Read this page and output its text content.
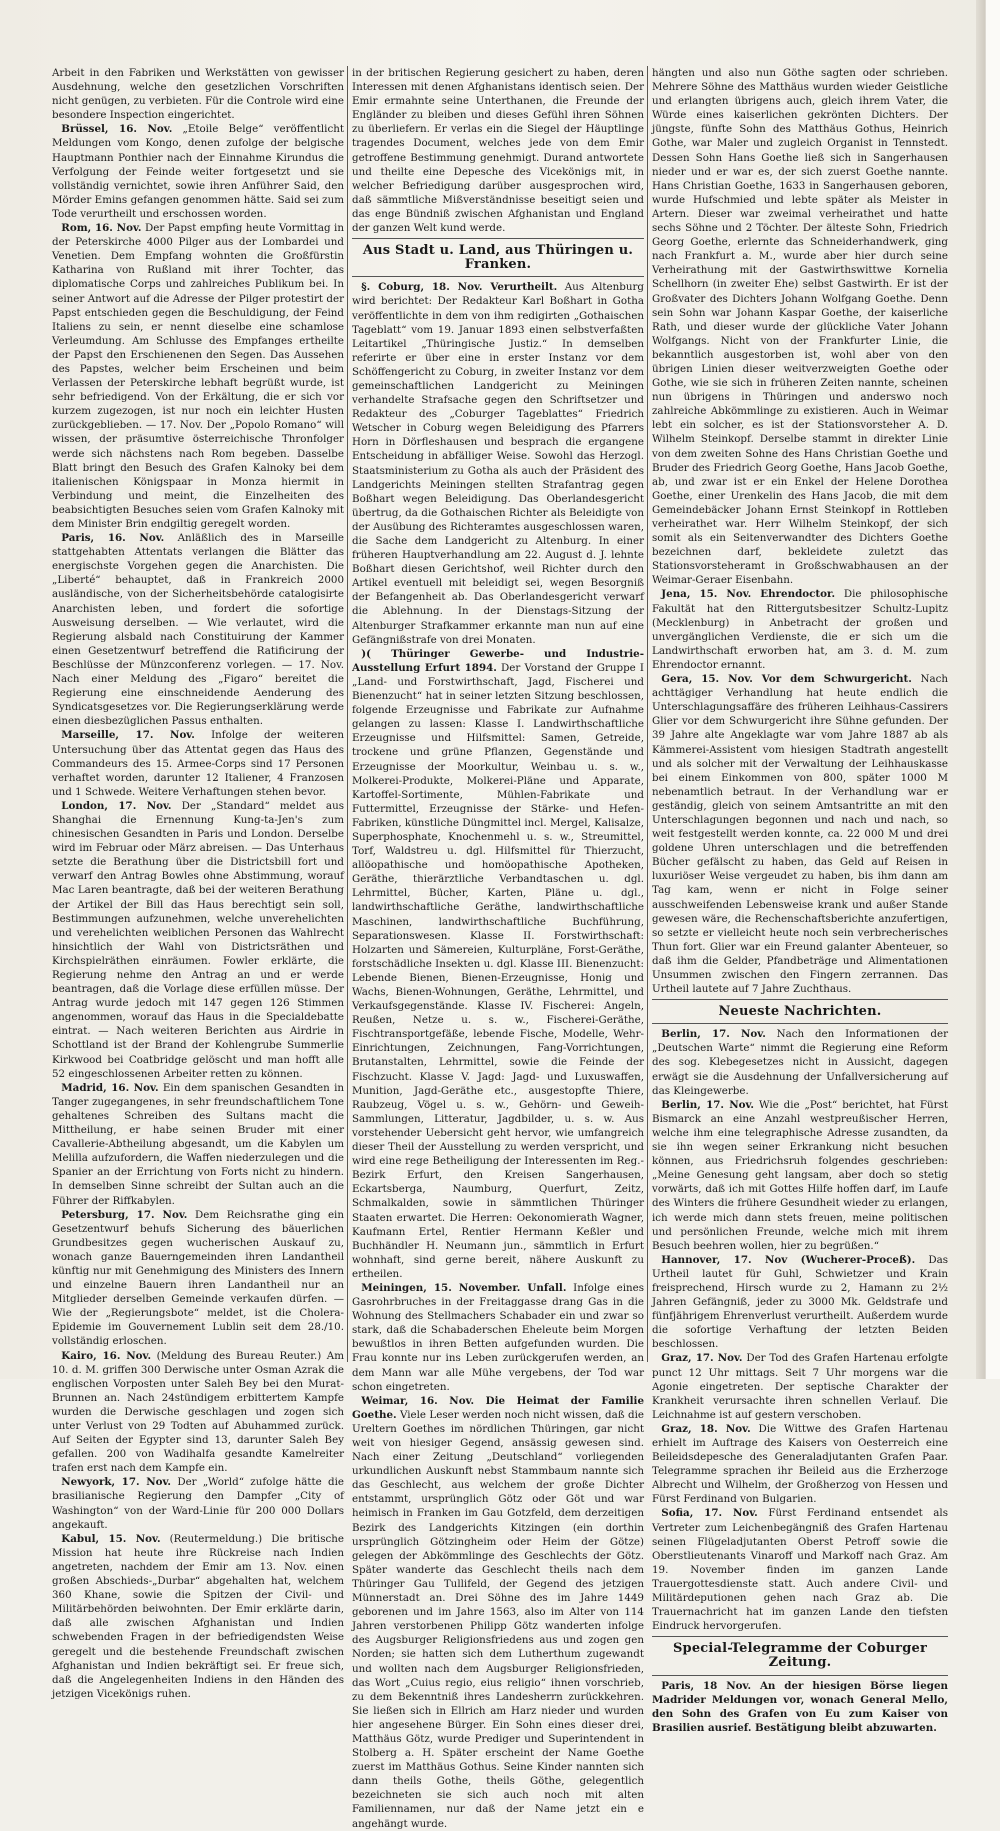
Arbeit in den Fabriken und Werkstätten von gewisser Ausdehnung, welche den gesetzlichen Vorschriften nicht genügen, zu verbieten. Für die Controle wird eine besondere Inspection eingerichtet.

Brüssel, 16. Nov. „Etoile Belge“ veröffentlicht Meldungen vom Kongo, denen zufolge der belgische Hauptmann Ponthier nach der Einnahme Kirundus die Verfolgung der Feinde weiter fortgesetzt und sie vollständig vernichtet, sowie ihren Anführer Said, den Mörder Emins gefangen genommen hätte. Said sei zum Tode verurtheilt und erschossen worden.

Rom, 16. Nov. Der Papst empfing heute Vormittag in der Peterskirche 4000 Pilger aus der Lombardei und Venetien. Dem Empfang wohnten die Großfürstin Katharina von Rußland mit ihrer Tochter, das diplomatische Corps und zahlreiches Publikum bei. In seiner Antwort auf die Adresse der Pilger protestirt der Papst entschieden gegen die Beschuldigung, der Feind Italiens zu sein, er nennt dieselbe eine schamlose Verleumdung. Am Schlusse des Empfanges ertheilte der Papst den Erschienenen den Segen. Das Aussehen des Papstes, welcher beim Erscheinen und beim Verlassen der Peterskirche lebhaft begrüßt wurde, ist sehr befriedigend. Von der Erkältung, die er sich vor kurzem zugezogen, ist nur noch ein leichter Husten zurückgeblieben. — 17. Nov. Der „Popolo Romano“ will wissen, der präsumtive österreichische Thronfolger werde sich nächstens nach Rom begeben. Dasselbe Blatt bringt den Besuch des Grafen Kalnoky bei dem italienischen Königspaar in Monza hiermit in Verbindung und meint, die Einzelheiten des beabsichtigten Besuches seien vom Grafen Kalnoky mit dem Minister Brin endgiltig geregelt worden.

Paris, 16. Nov. Anläßlich des in Marseille stattgehabten Attentats verlangen die Blätter das energischste Vorgehen gegen die Anarchisten. Die „Liberté“ behauptet, daß in Frankreich 2000 ausländische, von der Sicherheitsbehörde catalogisirte Anarchisten leben, und fordert die sofortige Ausweisung derselben. — Wie verlautet, wird die Regierung alsbald nach Constituirung der Kammer einen Gesetzentwurf betreffend die Ratificirung der Beschlüsse der Münzconferenz vorlegen. — 17. Nov. Nach einer Meldung des „Figaro“ bereitet die Regierung eine einschneidende Aenderung des Syndicatsgesetzes vor. Die Regierungserklärung werde einen diesbezüglichen Passus enthalten.

Marseille, 17. Nov. Infolge der weiteren Untersuchung über das Attentat gegen das Haus des Commandeurs des 15. Armee-Corps sind 17 Personen verhaftet worden, darunter 12 Italiener, 4 Franzosen und 1 Schwede. Weitere Verhaftungen stehen bevor.

London, 17. Nov. Der „Standard“ meldet aus Shanghai die Ernennung Kung-ta-Jen's zum chinesischen Gesandten in Paris und London. Derselbe wird im Februar oder März abreisen. — Das Unterhaus setzte die Berathung über die Districtsbill fort und verwarf den Antrag Bowles ohne Abstimmung, worauf Mac Laren beantragte, daß bei der weiteren Berathung der Artikel der Bill das Haus berechtigt sein soll, Bestimmungen aufzunehmen, welche unverehelichten und verehelichten weiblichen Personen das Wahlrecht hinsichtlich der Wahl von Districtsräthen und Kirchspielräthen einräumen. Fowler erklärte, die Regierung nehme den Antrag an und er werde beantragen, daß die Vorlage diese erfüllen müsse. Der Antrag wurde jedoch mit 147 gegen 126 Stimmen angenommen, worauf das Haus in die Specialdebatte eintrat. — Nach weiteren Berichten aus Airdrie in Schottland ist der Brand der Kohlengrube Summerlie Kirkwood bei Coatbridge gelöscht und man hofft alle 52 eingeschlossenen Arbeiter retten zu können.

Madrid, 16. Nov. Ein dem spanischen Gesandten in Tanger zugegangenes, in sehr freundschaftlichem Tone gehaltenes Schreiben des Sultans macht die Mittheilung, er habe seinen Bruder mit einer Cavallerie-Abtheilung abgesandt, um die Kabylen um Melilla aufzufordern, die Waffen niederzulegen und die Spanier an der Errichtung von Forts nicht zu hindern. In demselben Sinne schreibt der Sultan auch an die Führer der Riffkabylen.

Petersburg, 17. Nov. Dem Reichsrathe ging ein Gesetzentwurf behufs Sicherung des bäuerlichen Grundbesitzes gegen wucherischen Auskauf zu, wonach ganze Bauerngemeinden ihren Landantheil künftig nur mit Genehmigung des Ministers des Innern und einzelne Bauern ihren Landantheil nur an Mitglieder derselben Gemeinde verkaufen dürfen. — Wie der „Regierungsbote“ meldet, ist die Cholera-Epidemie im Gouvernement Lublin seit dem 28./10. vollständig erloschen.

Kairo, 16. Nov. (Meldung des Bureau Reuter.) Am 10. d. M. griffen 300 Derwische unter Osman Azrak die englischen Vorposten unter Saleh Bey bei den Murat-Brunnen an. Nach 24stündigem erbittertem Kampfe wurden die Derwische geschlagen und zogen sich unter Verlust von 29 Todten auf Abuhammed zurück. Auf Seiten der Egypter sind 13, darunter Saleh Bey gefallen. 200 von Wadihalfa gesandte Kamelreiter trafen erst nach dem Kampfe ein.

Newyork, 17. Nov. Der „World“ zufolge hätte die brasilianische Regierung den Dampfer „City of Washington“ von der Ward-Linie für 200 000 Dollars angekauft.

Kabul, 15. Nov. (Reutermeldung.) Die britische Mission hat heute ihre Rückreise nach Indien angetreten, nachdem der Emir am 13. Nov. einen großen Abschieds-„Durbar“ abgehalten hat, welchem 360 Khane, sowie die Spitzen der Civil- und Militärbehörden beiwohnten. Der Emir erklärte darin, daß alle zwischen Afghanistan und Indien schwebenden Fragen in der befriedigendsten Weise geregelt und die bestehende Freundschaft zwischen Afghanistan und Indien bekräftigt sei. Er freue sich, daß die Angelegenheiten Indiens in den Händen des jetzigen Vicekönigs ruhen.

in der britischen Regierung gesichert zu haben, deren Interessen mit denen Afghanistans identisch seien. Der Emir ermahnte seine Unterthanen, die Freunde der Engländer zu bleiben und dieses Gefühl ihren Söhnen zu überliefern. Er verlas ein die Siegel der Häuptlinge tragendes Document, welches jede von dem Emir getroffene Bestimmung genehmigt. Durand antwortete und theilte eine Depesche des Vicekönigs mit, in welcher Befriedigung darüber ausgesprochen wird, daß sämmtliche Mißverständnisse beseitigt seien und das enge Bündniß zwischen Afghanistan und England der ganzen Welt kund werde.

Aus Stadt u. Land, aus Thüringen u. Franken.

§. Coburg, 18. Nov. Verurtheilt. Aus Altenburg wird berichtet: Der Redakteur Karl Boßhart in Gotha veröffentlichte in dem von ihm redigirten „Gothaischen Tageblatt“ vom 19. Januar 1893 einen selbstverfaßten Leitartikel „Thüringische Justiz.“ In demselben referirte er über eine in erster Instanz vor dem Schöffengericht zu Coburg, in zweiter Instanz vor dem gemeinschaftlichen Landgericht zu Meiningen verhandelte Strafsache gegen den Schriftsetzer und Redakteur des „Coburger Tageblattes“ Friedrich Wetscher in Coburg wegen Beleidigung des Pfarrers Horn in Dörfleshausen und besprach die ergangene Entscheidung in abfälliger Weise. Sowohl das Herzogl. Staatsministerium zu Gotha als auch der Präsident des Landgerichts Meiningen stellten Strafantrag gegen Boßhart wegen Beleidigung. Das Oberlandesgericht übertrug, da die Gothaischen Richter als Beleidigte von der Ausübung des Richteramtes ausgeschlossen waren, die Sache dem Landgericht zu Altenburg. In einer früheren Hauptverhandlung am 22. August d. J. lehnte Boßhart diesen Gerichtshof, weil Richter durch den Artikel eventuell mit beleidigt sei, wegen Besorgniß der Befangenheit ab. Das Oberlandesgericht verwarf die Ablehnung. In der Dienstags-Sitzung der Altenburger Strafkammer erkannte man nun auf eine Gefängnißstrafe von drei Monaten.

)( Thüringer Gewerbe- und Industrie-Ausstellung Erfurt 1894. Der Vorstand der Gruppe I „Land- und Forstwirthschaft, Jagd, Fischerei und Bienenzucht“ hat in seiner letzten Sitzung beschlossen, folgende Erzeugnisse und Fabrikate zur Aufnahme gelangen zu lassen: Klasse I. Landwirthschaftliche Erzeugnisse und Hilfsmittel: Samen, Getreide, trockene und grüne Pflanzen, Gegenstände und Erzeugnisse der Moorkultur, Weinbau u. s. w., Molkerei-Produkte, Molkerei-Pläne und Apparate, Kartoffel-Sortimente, Mühlen-Fabrikate und Futtermittel, Erzeugnisse der Stärke- und Hefen-Fabriken, künstliche Düngmittel incl. Mergel, Kalisalze, Superphosphate, Knochenmehl u. s. w., Streumittel, Torf, Waldstreu u. dgl. Hilfsmittel für Thierzucht, allöopathische und homöopathische Apotheken, Geräthe, thierärztliche Verbandtaschen u. dgl. Lehrmittel, Bücher, Karten, Pläne u. dgl., landwirthschaftliche Geräthe, landwirthschaftliche Maschinen, landwirthschaftliche Buchführung, Separationswesen. Klasse II. Forstwirthschaft: Holzarten und Sämereien, Kulturpläne, Forst-Geräthe, forstschädliche Insekten u. dgl. Klasse III. Bienenzucht: Lebende Bienen, Bienen-Erzeugnisse, Honig und Wachs, Bienen-Wohnungen, Geräthe, Lehrmittel, und Verkaufsgegenstände. Klasse IV. Fischerei: Angeln, Reußen, Netze u. s. w., Fischerei-Geräthe, Fischtransportgefäße, lebende Fische, Modelle, Wehr-Einrichtungen, Zeichnungen, Fang-Vorrichtungen, Brutanstalten, Lehrmittel, sowie die Feinde der Fischzucht. Klasse V. Jagd: Jagd- und Luxuswaffen, Munition, Jagd-Geräthe etc., ausgestopfte Thiere, Raubzeug, Vögel u. s. w., Gehörn- und Geweih-Sammlungen, Litteratur, Jagdbilder, u. s. w. Aus vorstehender Uebersicht geht hervor, wie umfangreich dieser Theil der Ausstellung zu werden verspricht, und wird eine rege Betheiligung der Interessenten im Reg.-Bezirk Erfurt, den Kreisen Sangerhausen, Eckartsberga, Naumburg, Querfurt, Zeitz, Schmalkalden, sowie in sämmtlichen Thüringer Staaten erwartet. Die Herren: Oekonomierath Wagner, Kaufmann Ertel, Rentier Hermann Keßler und Buchhändler H. Neumann jun., sämmtlich in Erfurt wohnhaft, sind gerne bereit, nähere Auskunft zu ertheilen.

Meiningen, 15. November. Unfall. Infolge eines Gasrohrbruches in der Freitaggasse drang Gas in die Wohnung des Stellmachers Schabader ein und zwar so stark, daß die Schabaderschen Eheleute beim Morgen bewußtlos in ihren Betten aufgefunden wurden. Die Frau konnte nur ins Leben zurückgerufen werden, an dem Mann war alle Mühe vergebens, der Tod war schon eingetreten.

Weimar, 16. Nov. Die Heimat der Familie Goethe. Viele Leser werden noch nicht wissen, daß die Ureltern Goethes im nördlichen Thüringen, gar nicht weit von hiesiger Gegend, ansässig gewesen sind. Nach einer Zeitung „Deutschland“ vorliegenden urkundlichen Auskunft nebst Stammbaum nannte sich das Geschlecht, aus welchem der große Dichter entstammt, ursprünglich Götz oder Göt und war heimisch in Franken im Gau Gotzfeld, dem derzeitigen Bezirk des Landgerichts Kitzingen (ein dorthin ursprünglich Götzingheim oder Heim der Götze) gelegen der Abkömmlinge des Geschlechts der Götz. Später wanderte das Geschlecht theils nach dem Thüringer Gau Tullifeld, der Gegend des jetzigen Münnerstadt an. Drei Söhne des im Jahre 1449 geborenen und im Jahre 1563, also im Alter von 114 Jahren verstorbenen Philipp Götz wanderten infolge des Augsburger Religionsfriedens aus und zogen gen Norden; sie hatten sich dem Lutherthum zugewandt und wollten nach dem Augsburger Religionsfrieden, das Wort „Cuius regio, eius religio“ ihnen vorschrieb, zu dem Bekenntniß ihres Landesherrn zurückkehren. Sie ließen sich in Ellrich am Harz nieder und wurden hier angesehene Bürger. Ein Sohn eines dieser drei, Matthäus Götz, wurde Prediger und Superintendent in Stolberg a. H. Später erscheint der Name Goethe zuerst im Matthäus Gothus. Seine Kinder nannten sich dann theils Gothe, theils Göthe, gelegentlich bezeichneten sie sich auch noch mit alten Familiennamen, nur daß der Name jetzt ein e angehängt wurde.

hängten und also nun Göthe sagten oder schrieben. Mehrere Söhne des Matthäus wurden wieder Geistliche und erlangten übrigens auch, gleich ihrem Vater, die Würde eines kaiserlichen gekrönten Dichters. Der jüngste, fünfte Sohn des Matthäus Gothus, Heinrich Gothe, war Maler und zugleich Organist in Tennstedt. Dessen Sohn Hans Goethe ließ sich in Sangerhausen nieder und er war es, der sich zuerst Goethe nannte. Hans Christian Goethe, 1633 in Sangerhausen geboren, wurde Hufschmied und lebte später als Meister in Artern. Dieser war zweimal verheirathet und hatte sechs Söhne und 2 Töchter. Der älteste Sohn, Friedrich Georg Goethe, erlernte das Schneiderhandwerk, ging nach Frankfurt a. M., wurde aber hier durch seine Verheirathung mit der Gastwirthswittwe Kornelia Schellhorn (in zweiter Ehe) selbst Gastwirth. Er ist der Großvater des Dichters Johann Wolfgang Goethe. Denn sein Sohn war Johann Kaspar Goethe, der kaiserliche Rath, und dieser wurde der glückliche Vater Johann Wolfgangs. Nicht von der Frankfurter Linie, die bekanntlich ausgestorben ist, wohl aber von den übrigen Linien dieser weitverzweigten Goethe oder Gothe, wie sie sich in früheren Zeiten nannte, scheinen nun übrigens in Thüringen und anderswo noch zahlreiche Abkömmlinge zu existieren. Auch in Weimar lebt ein solcher, es ist der Stationsvorsteher A. D. Wilhelm Steinkopf. Derselbe stammt in direkter Linie von dem zweiten Sohne des Hans Christian Goethe und Bruder des Friedrich Georg Goethe, Hans Jacob Goethe, ab, und zwar ist er ein Enkel der Helene Dorothea Goethe, einer Urenkelin des Hans Jacob, die mit dem Gemeindebäcker Johann Ernst Steinkopf in Rottleben verheirathet war. Herr Wilhelm Steinkopf, der sich somit als ein Seitenverwandter des Dichters Goethe bezeichnen darf, bekleidete zuletzt das Stationsvorsteheramt in Großschwabhausen an der Weimar-Geraer Eisenbahn.

Jena, 15. Nov. Ehrendoctor. Die philosophische Fakultät hat den Rittergutsbesitzer Schultz-Lupitz (Mecklenburg) in Anbetracht der großen und unvergänglichen Verdienste, die er sich um die Landwirthschaft erworben hat, am 3. d. M. zum Ehrendoctor ernannt.

Gera, 15. Nov. Vor dem Schwurgericht. Nach achttägiger Verhandlung hat heute endlich die Unterschlagungsaffäre des früheren Leihhaus-Cassirers Glier vor dem Schwurgericht ihre Sühne gefunden. Der 39 Jahre alte Angeklagte war vom Jahre 1887 ab als Kämmerei-Assistent vom hiesigen Stadtrath angestellt und als solcher mit der Verwaltung der Leihhauskasse bei einem Einkommen von 800, später 1000 M nebenamtlich betraut. In der Verhandlung war er geständig, gleich von seinem Amtsantritte an mit den Unterschlagungen begonnen und nach und nach, so weit festgestellt werden konnte, ca. 22 000 M und drei goldene Uhren unterschlagen und die betreffenden Bücher gefälscht zu haben, das Geld auf Reisen in luxuriöser Weise vergeudet zu haben, bis ihm dann am Tag kam, wenn er nicht in Folge seiner ausschweifenden Lebensweise krank und außer Stande gewesen wäre, die Rechenschaftsberichte anzufertigen, so setzte er vielleicht heute noch sein verbrecherisches Thun fort. Glier war ein Freund galanter Abenteuer, so daß ihm die Gelder, Pfandbeträge und Alimentationen Unsummen zwischen den Fingern zerrannen. Das Urtheil lautete auf 7 Jahre Zuchthaus.

Neueste Nachrichten.

Berlin, 17. Nov. Nach den Informationen der „Deutschen Warte“ nimmt die Regierung eine Reform des sog. Klebegesetzes nicht in Aussicht, dagegen erwägt sie die Ausdehnung der Unfallversicherung auf das Kleingewerbe.

Berlin, 17. Nov. Wie die „Post“ berichtet, hat Fürst Bismarck an eine Anzahl westpreußischer Herren, welche ihm eine telegraphische Adresse zusandten, da sie ihn wegen seiner Erkrankung nicht besuchen können, aus Friedrichsruh folgendes geschrieben: „Meine Genesung geht langsam, aber doch so stetig vorwärts, daß ich mit Gottes Hilfe hoffen darf, im Laufe des Winters die frühere Gesundheit wieder zu erlangen, ich werde mich dann stets freuen, meine politischen und persönlichen Freunde, welche mich mit ihrem Besuch beehren wollen, hier zu begrüßen.“

Hannover, 17. Nov (Wucherer-Proceß). Das Urtheil lautet für Guhl, Schwietzer und Krain freisprechend, Hirsch wurde zu 2, Hamann zu 2½ Jahren Gefängniß, jeder zu 3000 Mk. Geldstrafe und fünfjährigem Ehrenverlust verurtheilt. Außerdem wurde die sofortige Verhaftung der letzten Beiden beschlossen.

Graz, 17. Nov. Der Tod des Grafen Hartenau erfolgte punct 12 Uhr mittags. Seit 7 Uhr morgens war die Agonie eingetreten. Der septische Charakter der Krankheit verursachte ihren schnellen Verlauf. Die Leichnahme ist auf gestern verschoben.

Graz, 18. Nov. Die Wittwe des Grafen Hartenau erhielt im Auftrage des Kaisers von Oesterreich eine Beileidsdepesche des Generaladjutanten Grafen Paar. Telegramme sprachen ihr Beileid aus die Erzherzoge Albrecht und Wilhelm, der Großherzog von Hessen und Fürst Ferdinand von Bulgarien.

Sofia, 17. Nov. Fürst Ferdinand entsendet als Vertreter zum Leichenbegängniß des Grafen Hartenau seinen Flügeladjutanten Oberst Petroff sowie die Oberstlieutenants Vinaroff und Markoff nach Graz. Am 19. November finden im ganzen Lande Trauergottesdienste statt. Auch andere Civil- und Militärdeputionen gehen nach Graz ab. Die Trauernachricht hat im ganzen Lande den tiefsten Eindruck hervorgerufen.

Special-Telegramme der Coburger Zeitung.

Paris, 18 Nov. An der hiesigen Börse liegen Madrider Meldungen vor, wonach General Mello, den Sohn des Grafen von Eu zum Kaiser von Brasilien ausrief. Bestätigung bleibt abzuwarten.
